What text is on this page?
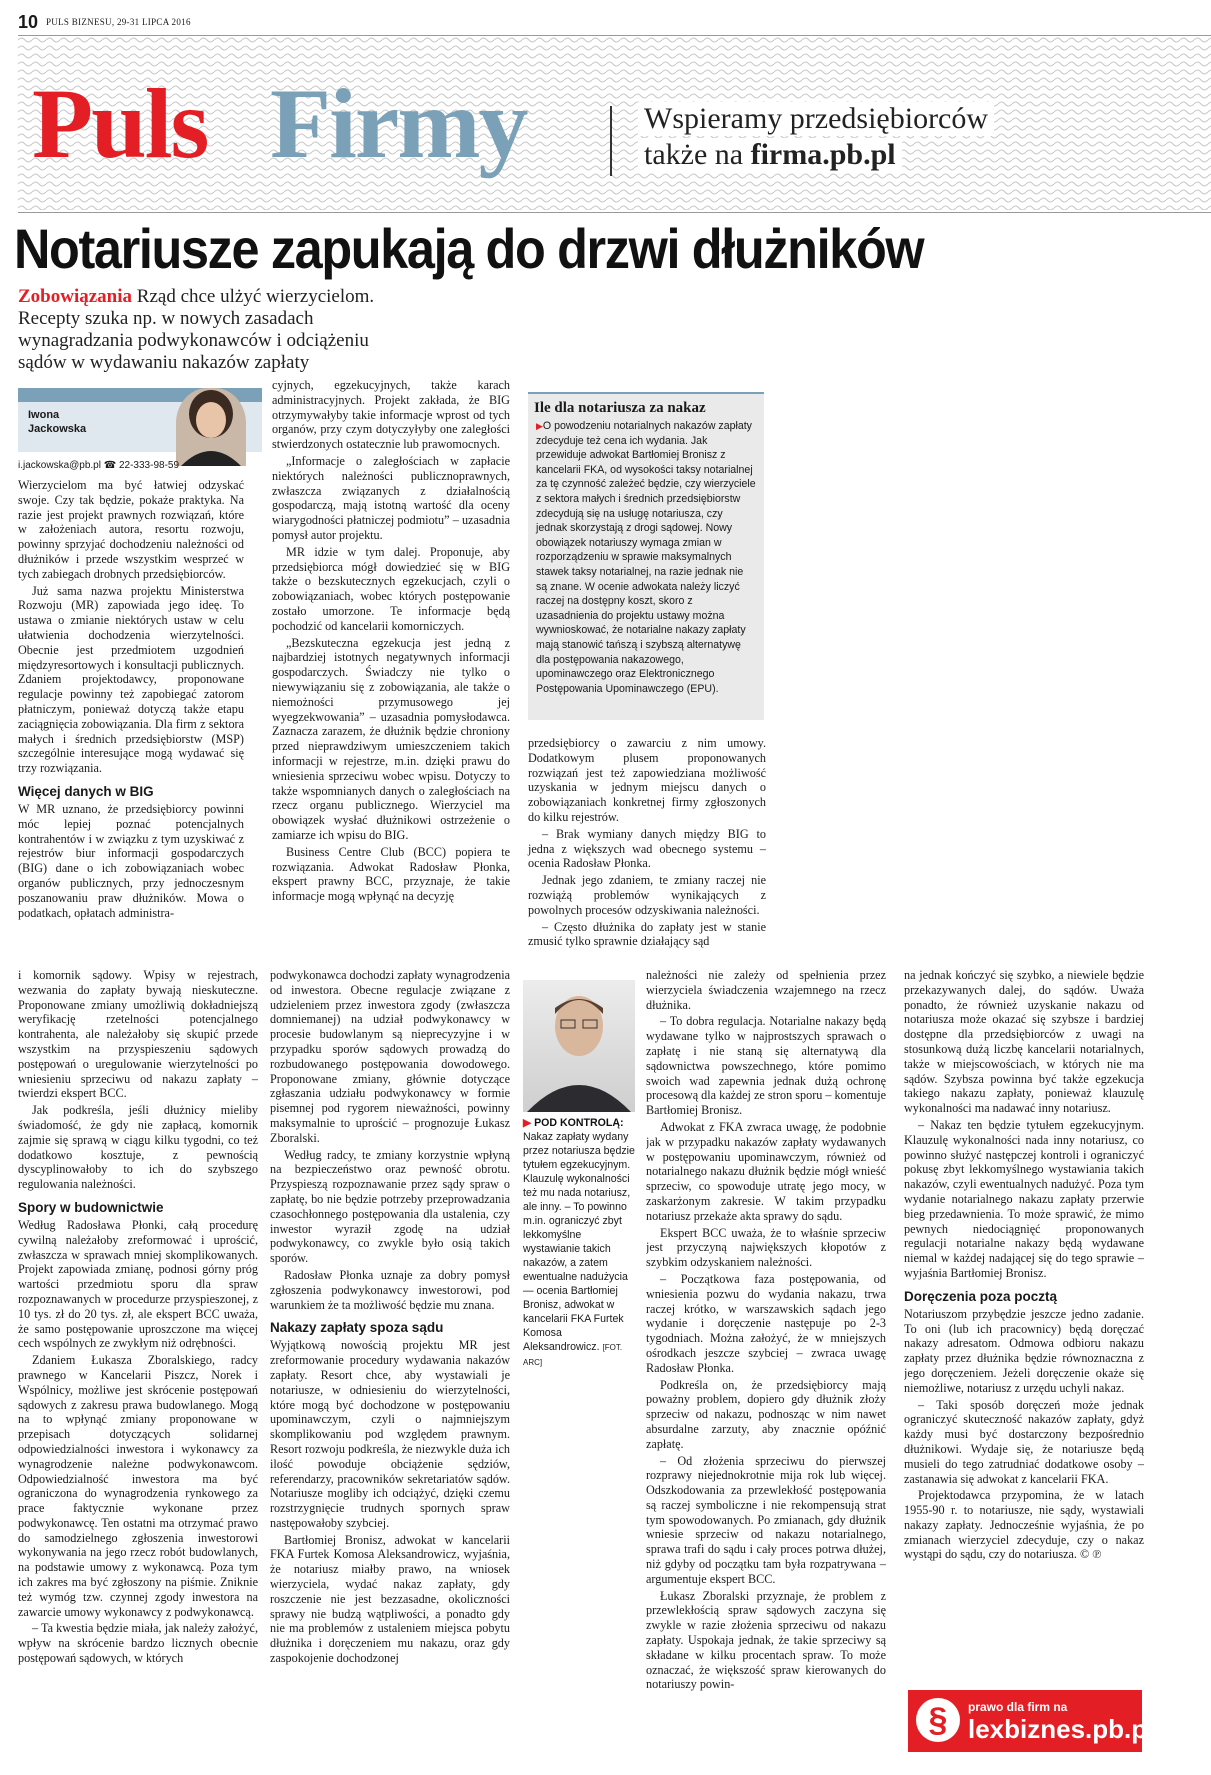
10 PULS BIZNESU, 29-31 LIPCA 2016
Puls Firmy	Wspieramy przedsiębiorców
także na firma.pb.pl
Notariusze zapukają do drzwi dłużników

Zobowiązania Rząd chce ulżyć wierzycielom. Recepty szuka np. w nowych zasadach wynagradzania podwykonawców i odciążeniu sądów w wydawaniu nakazów zapłaty

Iwona
Jackowska
i.jackowska@pb.pl ☎ 22-333-98-59

Wierzycielom ma być łatwiej odzyskać swoje. Czy tak będzie, pokaże praktyka. Na razie jest projekt prawnych rozwiązań, które w założeniach autora, resortu rozwoju, powinny sprzyjać dochodzeniu należności od dłużników i przede wszystkim wesprzeć w tych zabiegach drobnych przedsiębiorców.

Już sama nazwa projektu Ministerstwa Rozwoju (MR) zapowiada jego ideę. To ustawa o zmianie niektórych ustaw w celu ułatwienia dochodzenia wierzytelności. Obecnie jest przedmiotem uzgodnień międzyresortowych i konsultacji publicznych. Zdaniem projektodawcy, proponowane regulacje powinny też zapobiegać zatorom płatniczym, ponieważ dotyczą także etapu zaciągnięcia zobowiązania. Dla firm z sektora małych i średnich przedsiębiorstw (MSP) szczególnie interesujące mogą wydawać się trzy rozwiązania.

Więcej danych w BIG

W MR uznano, że przedsiębiorcy powinni móc lepiej poznać potencjalnych kontrahentów i w związku z tym uzyskiwać z rejestrów biur informacji gospodarczych (BIG) dane o ich zobowiązaniach wobec organów publicznych, przy jednoczesnym poszanowaniu praw dłużników. Mowa o podatkach, opłatach administra-

cyjnych, egzekucyjnych, także karach administracyjnych. Projekt zakłada, że BIG otrzymywałyby takie informacje wprost od tych organów, przy czym dotyczyłyby one zaległości stwierdzonych ostatecznie lub prawomocnych.

„Informacje o zaległościach w zapłacie niektórych należności publicznoprawnych, zwłaszcza związanych z działalnością gospodarczą, mają istotną wartość dla oceny wiarygodności płatniczej podmiotu” – uzasadnia pomysł autor projektu.

MR idzie w tym dalej. Proponuje, aby przedsiębiorca mógł dowiedzieć się w BIG także o bezskutecznych egzekucjach, czyli o zobowiązaniach, wobec których postępowanie zostało umorzone. Te informacje będą pochodzić od kancelarii komorniczych.

„Bezskuteczna egzekucja jest jedną z najbardziej istotnych negatywnych informacji gospodarczych. Świadczy nie tylko o niewywiązaniu się z zobowiązania, ale także o niemożności przymusowego jej wyegzekwowania” – uzasadnia pomysłodawca. Zaznacza zarazem, że dłużnik będzie chroniony przed nieprawdziwym umieszczeniem takich informacji w rejestrze, m.in. dzięki prawu do wniesienia sprzeciwu wobec wpisu. Dotyczy to także wspomnianych danych o zaległościach na rzecz organu publicznego. Wierzyciel ma obowiązek wysłać dłużnikowi ostrzeżenie o zamiarze ich wpisu do BIG.

Business Centre Club (BCC) popiera te rozwiązania. Adwokat Radosław Płonka, ekspert prawny BCC, przyznaje, że takie informacje mogą wpłynąć na decyzję

Ile dla notariusza za nakaz

▶ O powodzeniu notarialnych nakazów zapłaty zdecyduje też cena ich wydania. Jak przewiduje adwokat Bartłomiej Bronisz z kancelarii FKA, od wysokości taksy notarialnej za tę czynność zależeć będzie, czy wierzyciele z sektora małych i średnich przedsiębiorstw zdecydują się na usługę notariusza, czy jednak skorzystają z drogi sądowej. Nowy obowiązek notariuszy wymaga zmian w rozporządzeniu w sprawie maksymalnych stawek taksy notarialnej, na razie jednak nie są znane. W ocenie adwokata należy liczyć raczej na dostępny koszt, skoro z uzasadnienia do projektu ustawy można wywnioskować, że notarialne nakazy zapłaty mają stanowić tańszą i szybszą alternatywę dla postępowania nakazowego, upominawczego oraz Elektronicznego Postępowania Upominawczego (EPU).

przedsiębiorcy o zawarciu z nim umowy. Dodatkowym plusem proponowanych rozwiązań jest też zapowiedziana możliwość uzyskania w jednym miejscu danych o zobowiązaniach konkretnej firmy zgłoszonych do kilku rejestrów.

– Brak wymiany danych między BIG to jedna z większych wad obecnego systemu – ocenia Radosław Płonka.

Jednak jego zdaniem, te zmiany raczej nie rozwiążą problemów wynikających z powolnych procesów odzyskiwania należności.

– Często dłużnika do zapłaty jest w stanie zmusić tylko sprawnie działający sąd

i komornik sądowy. Wpisy w rejestrach, wezwania do zapłaty bywają nieskuteczne. Proponowane zmiany umożliwią dokładniejszą weryfikację rzetelności potencjalnego kontrahenta, ale należałoby się skupić przede wszystkim na przyspieszeniu sądowych postępowań o uregulowanie wierzytelności po wniesieniu sprzeciwu od nakazu zapłaty – twierdzi ekspert BCC.

Jak podkreśla, jeśli dłużnicy mieliby świadomość, że gdy nie zapłacą, komornik zajmie się sprawą w ciągu kilku tygodni, co też dodatkowo kosztuje, z pewnością dyscyplinowałoby to ich do szybszego regulowania należności.

Spory w budownictwie

Według Radosława Płonki, całą procedurę cywilną należałoby zreformować i uprościć, zwłaszcza w sprawach mniej skomplikowanych. Projekt zapowiada zmianę, podnosi górny próg wartości przedmiotu sporu dla spraw rozpoznawanych w procedurze przyspieszonej, z 10 tys. zł do 20 tys. zł, ale ekspert BCC uważa, że samo postępowanie uproszczone ma więcej cech wspólnych ze zwykłym niż odrębności.

Zdaniem Łukasza Zboralskiego, radcy prawnego w Kancelarii Piszcz, Norek i Wspólnicy, możliwe jest skrócenie postępowań sądowych z zakresu prawa budowlanego. Mogą na to wpłynąć zmiany proponowane w przepisach dotyczących solidarnej odpowiedzialności inwestora i wykonawcy za wynagrodzenie należne podwykonawcom. Odpowiedzialność inwestora ma być ograniczona do wynagrodzenia rynkowego za prace faktycznie wykonane przez podwykonawcę. Ten ostatni ma otrzymać prawo do samodzielnego zgłoszenia inwestorowi wykonywania na jego rzecz robót budowlanych, na podstawie umowy z wykonawcą. Poza tym ich zakres ma być zgłoszony na piśmie. Zniknie też wymóg tzw. czynnej zgody inwestora na zawarcie umowy wykonawcy z podwykonawcą.

– Ta kwestia będzie miała, jak należy założyć, wpływ na skrócenie bardzo licznych obecnie postępowań sądowych, w których

podwykonawca dochodzi zapłaty wynagrodzenia od inwestora. Obecne regulacje związane z udzieleniem przez inwestora zgody (zwłaszcza domniemanej) na udział podwykonawcy w procesie budowlanym są nieprecyzyjne i w przypadku sporów sądowych prowadzą do rozbudowanego postępowania dowodowego. Proponowane zmiany, głównie dotyczące zgłaszania udziału podwykonawcy w formie pisemnej pod rygorem nieważności, powinny maksymalnie to uprościć – prognozuje Łukasz Zboralski.

Według radcy, te zmiany korzystnie wpłyną na bezpieczeństwo oraz pewność obrotu. Przyspieszą rozpoznawanie przez sądy spraw o zapłatę, bo nie będzie potrzeby przeprowadzania czasochłonnego postępowania dla ustalenia, czy inwestor wyraził zgodę na udział podwykonawcy, co zwykle było osią takich sporów.

Radosław Płonka uznaje za dobry pomysł zgłoszenia podwykonawcy inwestorowi, pod warunkiem że ta możliwość będzie mu znana.

Nakazy zapłaty spoza sądu

Wyjątkową nowością projektu MR jest zreformowanie procedury wydawania nakazów zapłaty. Resort chce, aby wystawiali je notariusze, w odniesieniu do wierzytelności, które mogą być dochodzone w postępowaniu upominawczym, czyli o najmniejszym skomplikowaniu pod względem prawnym. Resort rozwoju podkreśla, że niezwykle duża ich ilość powoduje obciążenie sędziów, referendarzy, pracowników sekretariatów sądów. Notariusze mogliby ich odciążyć, dzięki czemu rozstrzygnięcie trudnych spornych spraw następowałoby szybciej.

Bartłomiej Bronisz, adwokat w kancelarii FKA Furtek Komosa Aleksandrowicz, wyjaśnia, że notariusz miałby prawo, na wniosek wierzyciela, wydać nakaz zapłaty, gdy roszczenie nie jest bezzasadne, okoliczności sprawy nie budzą wątpliwości, a ponadto gdy nie ma problemów z ustaleniem miejsca pobytu dłużnika i doręczeniem mu nakazu, oraz gdy zaspokojenie dochodzonej

▶ POD KONTROLĄ: Nakaz zapłaty wydany przez notariusza będzie tytułem egzekucyjnym. Klauzulę wykonalności też mu nada notariusz, ale inny. – To powinno m.in. ograniczyć zbyt lekkomyślne wystawianie takich nakazów, a zatem ewentualne nadużycia — ocenia Bartłomiej Bronisz, adwokat w kancelarii FKA Furtek Komosa Aleksandrowicz. [FOT. ARC]

należności nie zależy od spełnienia przez wierzyciela świadczenia wzajemnego na rzecz dłużnika.

– To dobra regulacja. Notarialne nakazy będą wydawane tylko w najprostszych sprawach o zapłatę i nie staną się alternatywą dla sądownictwa powszechnego, które pomimo swoich wad zapewnia jednak dużą ochronę procesową dla każdej ze stron sporu – komentuje Bartłomiej Bronisz.

Adwokat z FKA zwraca uwagę, że podobnie jak w przypadku nakazów zapłaty wydawanych w postępowaniu upominawczym, również od notarialnego nakazu dłużnik będzie mógł wnieść sprzeciw, co spowoduje utratę jego mocy, w zaskarżonym zakresie. W takim przypadku notariusz przekaże akta sprawy do sądu.

Ekspert BCC uważa, że to właśnie sprzeciw jest przyczyną największych kłopotów z szybkim odzyskaniem należności.

– Początkowa faza postępowania, od wniesienia pozwu do wydania nakazu, trwa raczej krótko, w warszawskich sądach jego wydanie i doręczenie następuje po 2-3 tygodniach. Można założyć, że w mniejszych ośrodkach jeszcze szybciej – zwraca uwagę Radosław Płonka.

Podkreśla on, że przedsiębiorcy mają poważny problem, dopiero gdy dłużnik złoży sprzeciw od nakazu, podnosząc w nim nawet absurdalne zarzuty, aby znacznie opóźnić zapłatę.

– Od złożenia sprzeciwu do pierwszej rozprawy niejednokrotnie mija rok lub więcej. Odszkodowania za przewlekłość postępowania są raczej symboliczne i nie rekompensują strat tym spowodowanych. Po zmianach, gdy dłużnik wniesie sprzeciw od nakazu notarialnego, sprawa trafi do sądu i cały proces potrwa dłużej, niż gdyby od początku tam była rozpatrywana – argumentuje ekspert BCC.

Łukasz Zboralski przyznaje, że problem z przewlekłością spraw sądowych zaczyna się zwykle w razie złożenia sprzeciwu od nakazu zapłaty. Uspokaja jednak, że takie sprzeciwy są składane w kilku procentach spraw. To może oznaczać, że większość spraw kierowanych do notariuszy powin-

na jednak kończyć się szybko, a niewiele będzie przekazywanych dalej, do sądów. Uważa ponadto, że również uzyskanie nakazu od notariusza może okazać się szybsze i bardziej dostępne dla przedsiębiorców z uwagi na stosunkową dużą liczbę kancelarii notarialnych, także w miejscowościach, w których nie ma sądów. Szybsza powinna być także egzekucja takiego nakazu zapłaty, ponieważ klauzulę wykonalności ma nadawać inny notariusz.

– Nakaz ten będzie tytułem egzekucyjnym. Klauzulę wykonalności nada inny notariusz, co powinno służyć następczej kontroli i ograniczyć pokusę zbyt lekkomyślnego wystawiania takich nakazów, czyli ewentualnych nadużyć. Poza tym wydanie notarialnego nakazu zapłaty przerwie bieg przedawnienia. To może sprawić, że mimo pewnych niedociągnięć proponowanych regulacji notarialne nakazy będą wydawane niemal w każdej nadającej się do tego sprawie – wyjaśnia Bartłomiej Bronisz.

Doręczenia poza pocztą

Notariuszom przybędzie jeszcze jedno zadanie. To oni (lub ich pracownicy) będą doręczać nakazy adresatom. Odmowa odbioru nakazu zapłaty przez dłużnika będzie równoznaczna z jego doręczeniem. Jeżeli doręczenie okaże się niemożliwe, notariusz z urzędu uchyli nakaz.

– Taki sposób doręczeń może jednak ograniczyć skuteczność nakazów zapłaty, gdyż każdy musi być dostarczony bezpośrednio dłużnikowi. Wydaje się, że notariusze będą musieli do tego zatrudniać dodatkowe osoby – zastanawia się adwokat z kancelarii FKA.

Projektodawca przypomina, że w latach 1955-90 r. to notariusze, nie sądy, wystawiali nakazy zapłaty. Jednocześnie wyjaśnia, że po zmianach wierzyciel zdecyduje, czy o nakaz wystąpi do sądu, czy do notariusza. © ℗

§	prawo dla firm na
lexbiznes.pb.pl
